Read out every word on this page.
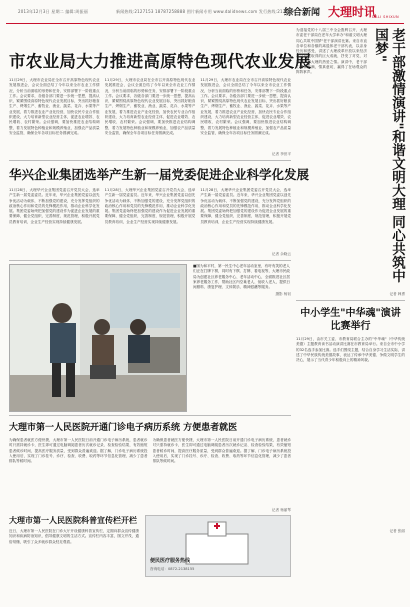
2013年12月3日 星期二 编辑:周振丽	新闻热线:2127153 18787258888 图片新闻专用 www.dalidnews.com 发行热线:2121383
综合新闻 大理时讯
DALI SHIXUN
市农业局大力推进高原特色现代农业发展
11月29日，大理市农业局在全市召开高原特色现代农业发展推进会，会议全面总结了今年以来全市农业工作情况，分析当前面临的形势和任务，安排部署下一阶段重点工作。会议要求，各级各部门要进一步统一思想，提高认识，紧紧围绕高原特色现代农业发展目标，突出抓好粮食生产、烤烟生产、畜牧业、渔业、蔬菜、花卉、水果等产业发展，着力推进农业产业化经营，加快农民专业合作组织建设，大力培育新型农业经营主体，促进农业增效、农民增收、农村繁荣。会议强调，要加快推进农业结构调整，着力发展特色种植业和规模养殖业，加强农产品质量安全监管，确保全年各项目标任务圆满完成。
11月29日，大理市农业局在全市召开高原特色现代农业发展推进会，会议全面总结了今年以来全市农业工作情况，分析当前面临的形势和任务，安排部署下一阶段重点工作。会议要求，各级各部门要进一步统一思想，提高认识，紧紧围绕高原特色现代农业发展目标，突出抓好粮食生产、烤烟生产、畜牧业、渔业、蔬菜、花卉、水果等产业发展，着力推进农业产业化经营，加快农民专业合作组织建设，大力培育新型农业经营主体，促进农业增效、农民增收、农村繁荣。会议强调，要加快推进农业结构调整，着力发展特色种植业和规模养殖业，加强农产品质量安全监管，确保全年各项目标任务圆满完成。
11月29日，大理市农业局在全市召开高原特色现代农业发展推进会，会议全面总结了今年以来全市农业工作情况，分析当前面临的形势和任务，安排部署下一阶段重点工作。会议要求，各级各部门要进一步统一思想，提高认识，紧紧围绕高原特色现代农业发展目标，突出抓好粮食生产、烤烟生产、畜牧业、渔业、蔬菜、花卉、水果等产业发展，着力推进农业产业化经营，加快农民专业合作组织建设，大力培育新型农业经营主体，促进农业增效、农民增收、农村繁荣。会议强调，要加快推进农业结构调整，着力发展特色种植业和规模养殖业，加强农产品质量安全监管，确保全年各项目标任务圆满完成。
记者 李世平
华兴企业集团选举产生新一届党委促进企业科学化发展
11月28日，大理华兴企业集团党委召开党员大会，选举产生新一届党委委员。近年来，华兴企业集团党委以创先争优活动为载体，不断加强党的建设，充分发挥党组织的政治核心作用和党员的先锋模范作用，推动企业科学化发展。集团党委始终把加强党的建设作为促进企业发展的重要保障，健全党组织，完善制度，规范管理，积极开展党员教育培训，企业生产经营实现持续健康发展。
11月28日，大理华兴企业集团党委召开党员大会，选举产生新一届党委委员。近年来，华兴企业集团党委以创先争优活动为载体，不断加强党的建设，充分发挥党组织的政治核心作用和党员的先锋模范作用，推动企业科学化发展。集团党委始终把加强党的建设作为促进企业发展的重要保障，健全党组织，完善制度，规范管理，积极开展党员教育培训，企业生产经营实现持续健康发展。
11月28日，大理华兴企业集团党委召开党员大会，选举产生新一届党委委员。近年来，华兴企业集团党委以创先争优活动为载体，不断加强党的建设，充分发挥党组织的政治核心作用和党员的先锋模范作用，推动企业科学化发展。集团党委始终把加强党的建设作为促进企业发展的重要保障，健全党组织，完善制度，规范管理，积极开展党员教育培训，企业生产经营实现持续健康发展。
记者 余晓云
■图为和平村，第一民生中心老年活动室里，有吁有笑的老人们正在打牌下棋，同时有下棋、打牌、看电视等，大理市民政局为创建社区养老服务中心、老年活动中心，全面推进社区居家养老服务工作，帮助社区内空巢老人、低收入老人，提供日间照料、康复护理、文体娱乐、精神慰藉等服务。
摄影 杨钊
大理市第一人民医院开通门诊电子病历系统 方便患者就医
为确保患者就医方便快捷，大理市第一人民医院日前开通门诊电子病历系统，患者就诊时只需持就诊卡，医生即可通过电脑调阅患者历次就诊记录、检查检验结果，有效缩短患者候诊时间，提高医疗服务质量，受到群众普遍欢迎。据了解，门诊电子病历系统投入使用后，实现了门诊挂号、诊疗、检查、收费、取药等环节信息化管理，减少了患者排队等候时间。
为确保患者就医方便快捷，大理市第一人民医院日前开通门诊电子病历系统，患者就诊时只需持就诊卡，医生即可通过电脑调阅患者历次就诊记录、检查检验结果，有效缩短患者候诊时间，提高医疗服务质量，受到群众普遍欢迎。据了解，门诊电子病历系统投入使用后，实现了门诊挂号、诊疗、检查、收费、取药等环节信息化管理，减少了患者排队等候时间。
记者 杨丽琴
大理市第一人民医院科普宣传栏开栏
近日，大理市第一人民医院在门诊大厅开设健康科普宣传栏，定期向群众宣传健康知识和疾病防治知识，倡导健康文明的生活方式。宣传栏内容丰富，图文并茂，通俗易懂，吸引了众多就诊群众驻足观看。
便民医疗服务热线
咨询电话：0872-2138155
为迎接党的十八届三中全会胜利召开，大理市委老干部局在老年大学举办"和谐文明大理 同心共筑中国梦"老干部演讲比赛。来自市直各单位和各镇的离退休老干部代表，以亲身经历和感受，讲述了大理改革开放以来经济社会发展取得的巨大成就，抒发了对党、对祖国、对大理的热爱之情。演讲中，老干部们精神饱满，情真意切，赢得了在场观众的阵阵掌声。	老干部激情演讲"和谐文明大理 同心共筑中国梦"
记者 韩勇
中小学生"中华魂"演讲比赛举行
11月29日，由市关工委、市教育局联合主办的"中华魂"（中华传统美德）主题教育读书活动演讲比赛在市教育局举行。来自全市中小学的32名选手参加比赛。选手们围绕主题，结合自身学习生活实际，讲述了中华民族传统美德故事，表达了传承中华美德、争做文明学生的决心，展示了当代青少年积极向上的精神风貌。
记者 张丽
